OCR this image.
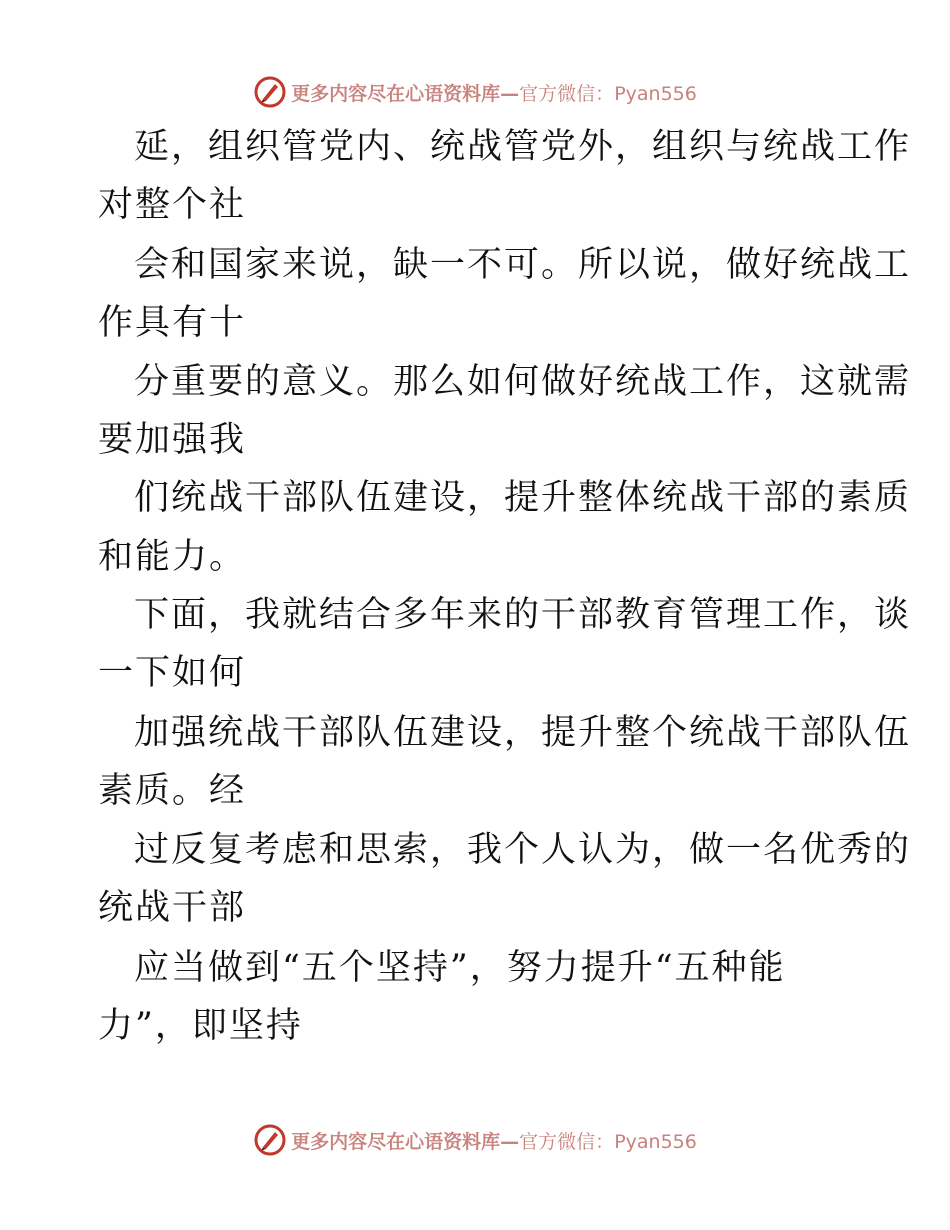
更多内容尽在心语资料库—官方微信：Pyan556
延，组织管党内、统战管党外，组织与统战工作
对整个社
会和国家来说，缺一不可。所以说，做好统战工
作具有十
分重要的意义。那么如何做好统战工作，这就需
要加强我
们统战干部队伍建设，提升整体统战干部的素质
和能力。
下面，我就结合多年来的干部教育管理工作，谈
一下如何
加强统战干部队伍建设，提升整个统战干部队伍
素质。经
过反复考虑和思索，我个人认为，做一名优秀的
统战干部
应当做到“五个坚持”，努力提升“五种能
力”，即坚持
更多内容尽在心语资料库—官方微信：Pyan556
